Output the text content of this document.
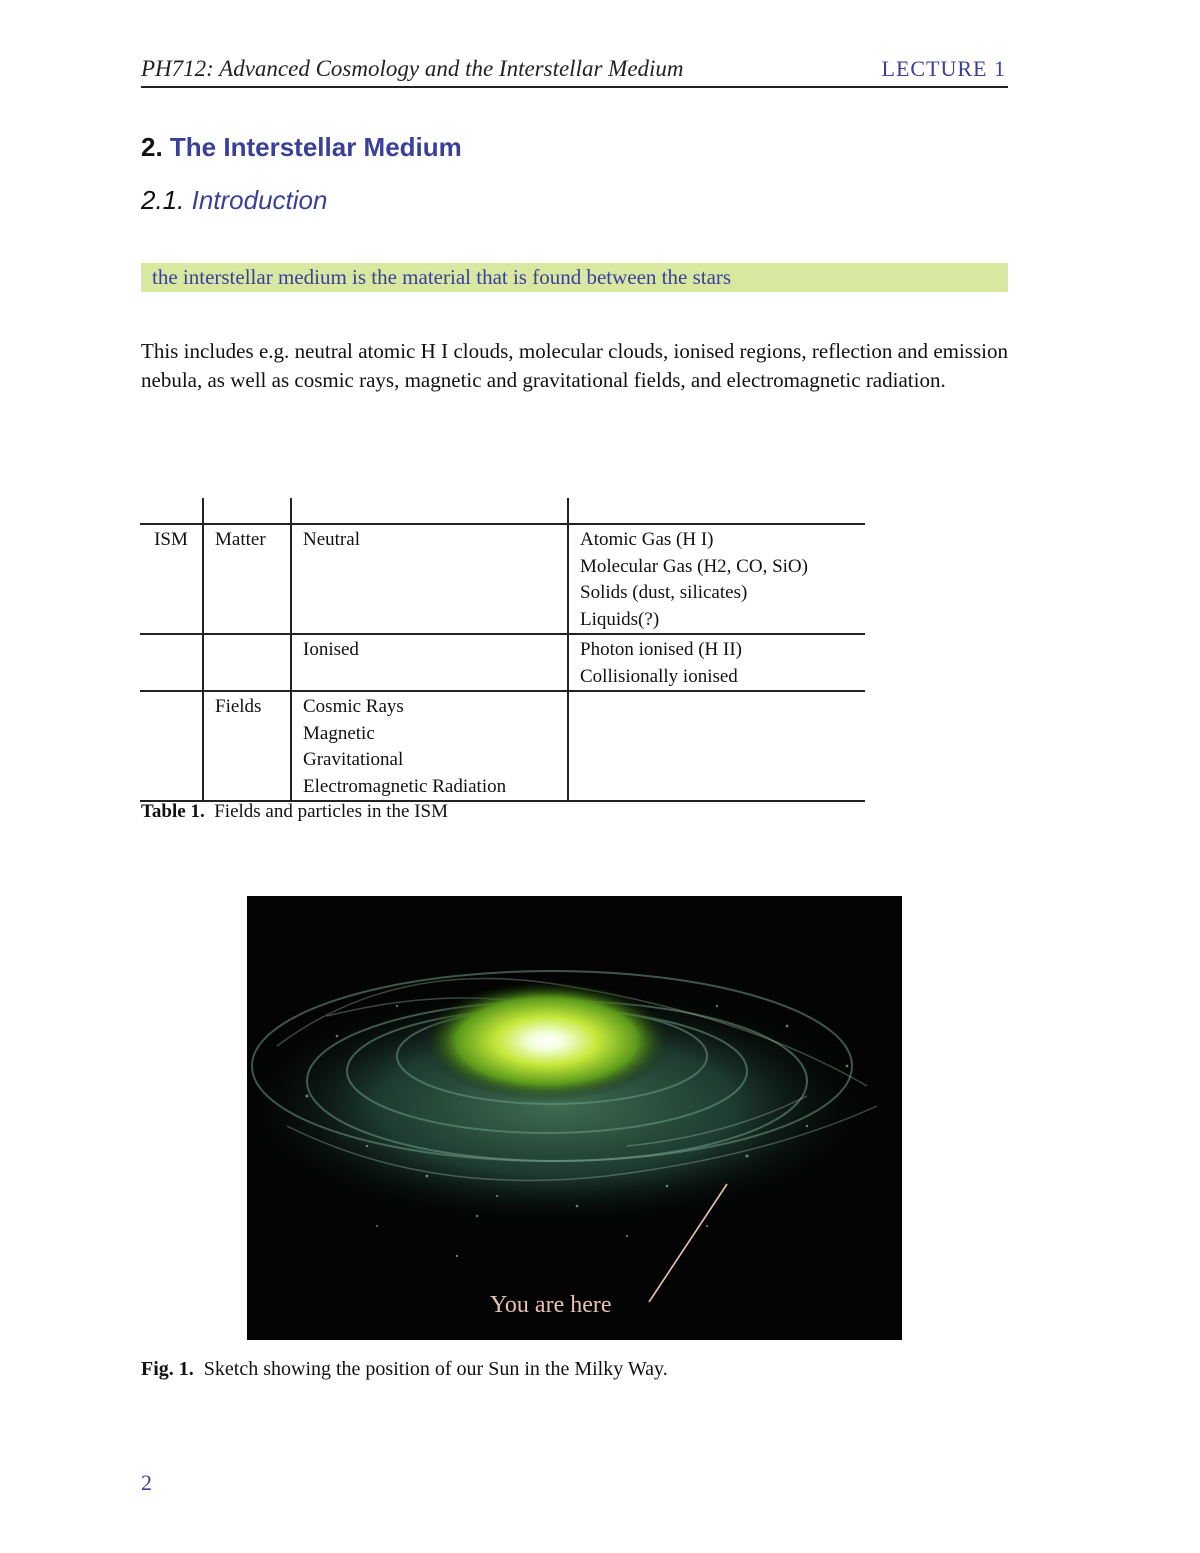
PH712: Advanced Cosmology and the Interstellar Medium	LECTURE 1
2. The Interstellar Medium
2.1. Introduction
the interstellar medium is the material that is found between the stars

This includes e.g. neutral atomic H I clouds, molecular clouds, ionised regions, reflection and emission nebula, as well as cosmic rays, magnetic and gravitational fields, and electromagnetic radiation.

ISM	Matter	Neutral	Atomic Gas (H I)
Molecular Gas (H2, CO, SiO)
Solids (dust, silicates)
Liquids(?)

		Ionised	Photon ionised (H II)
Collisionally ionised

	Fields	Cosmic Rays
Magnetic
Gravitational
Electromagnetic Radiation	

Table 1. Fields and particles in the ISM
You are here
Fig. 1. Sketch showing the position of our Sun in the Milky Way.
2
